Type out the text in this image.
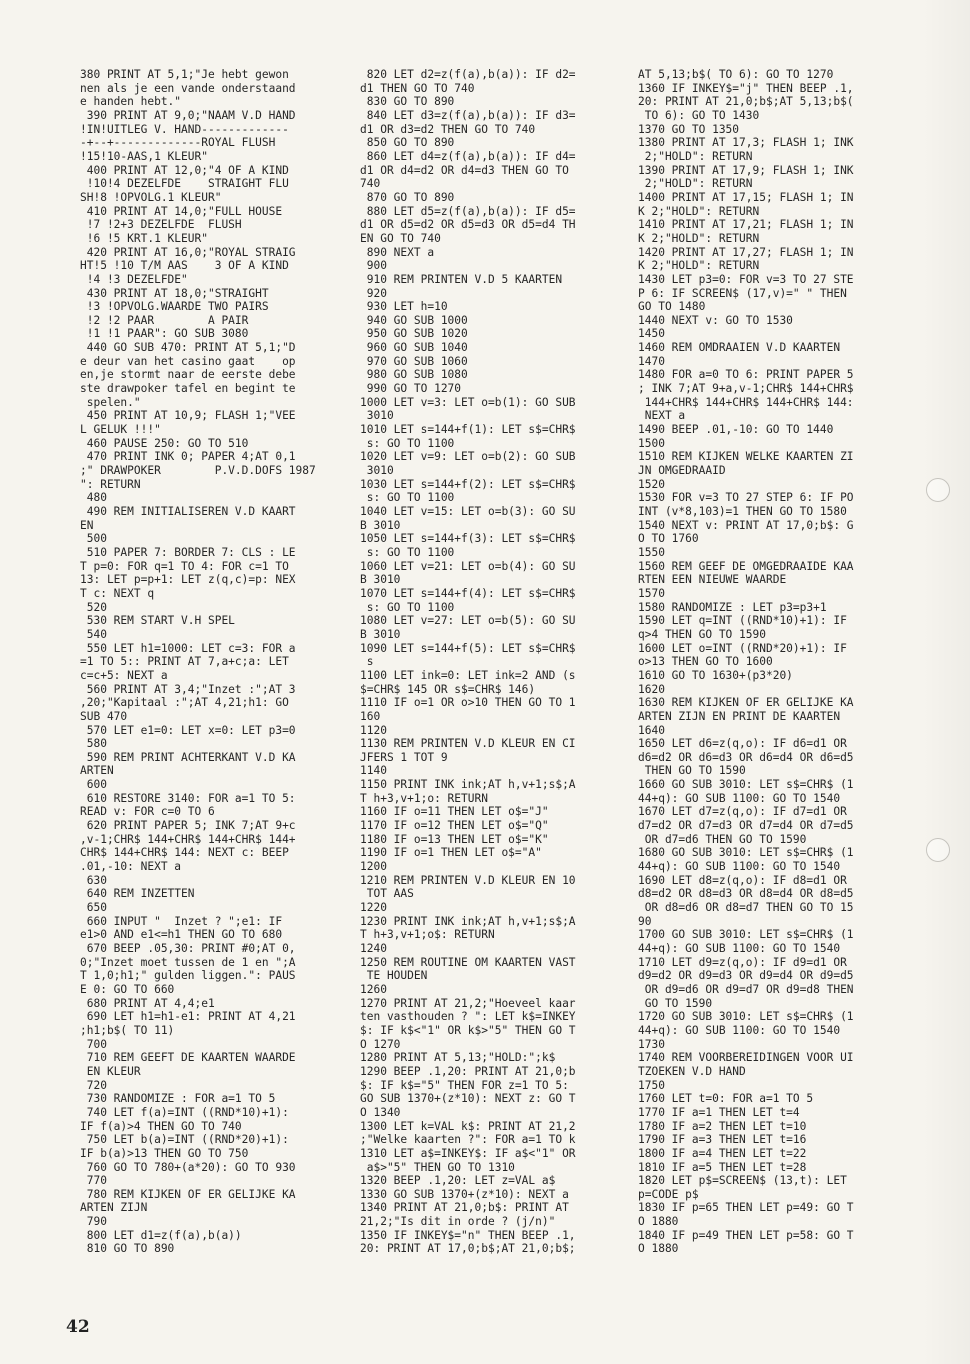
380 PRINT AT 5,1;"Je hebt gewon
nen als je een vande onderstaand
e handen hebt."
390 PRINT AT 9,0;"NAAM V.D HAND
!IN!UITLEG V. HAND-------------
-+--+-------------ROYAL FLUSH
!15!10-AAS,1 KLEUR"
400 PRINT AT 12,0;"4 OF A KIND
!10!4 DEZELFDE    STRAIGHT FLU
SH!8 !OPVOLG.1 KLEUR"
410 PRINT AT 14,0;"FULL HOUSE
!7 !2+3 DEZELFDE  FLUSH
!6 !5 KRT.1 KLEUR"
420 PRINT AT 16,0;"ROYAL STRAIG
HT!5 !10 T/M AAS    3 OF A KIND
!4 !3 DEZELFDE"
430 PRINT AT 18,0;"STRAIGHT
!3 !OPVOLG.WAARDE TWO PAIRS
!2 !2 PAAR        A PAIR
!1 !1 PAAR": GO SUB 3080
440 GO SUB 470: PRINT AT 5,1;"D
e deur van het casino gaat    op
en,je stormt naar de eerste debe
ste drawpoker tafel en begint te
spelen."
450 PRINT AT 10,9; FLASH 1;"VEE
L GELUK !!!"
460 PAUSE 250: GO TO 510
470 PRINT INK 0; PAPER 4;AT 0,1
;" DRAWPOKER        P.V.D.DOFS 1987
": RETURN
480
490 REM INITIALISEREN V.D KAART
EN
500
510 PAPER 7: BORDER 7: CLS : LE
T p=0: FOR q=1 TO 4: FOR c=1 TO
13: LET p=p+1: LET z(q,c)=p: NEX
T c: NEXT q
520
530 REM START V.H SPEL
540
550 LET h1=1000: LET c=3: FOR a
=1 TO 5:: PRINT AT 7,a+c;a: LET
c=c+5: NEXT a
560 PRINT AT 3,4;"Inzet :";AT 3
,20;"Kapitaal :";AT 4,21;h1: GO
SUB 470
570 LET e1=0: LET x=0: LET p3=0
580
590 REM PRINT ACHTERKANT V.D KA
ARTEN
600
610 RESTORE 3140: FOR a=1 TO 5:
READ v: FOR c=0 TO 6
620 PRINT PAPER 5; INK 7;AT 9+c
,v-1;CHR$ 144+CHR$ 144+CHR$ 144+
CHR$ 144+CHR$ 144: NEXT c: BEEP
.01,-10: NEXT a
630
640 REM INZETTEN
650
660 INPUT "  Inzet ? ";e1: IF
e1>0 AND e1<=h1 THEN GO TO 680
670 BEEP .05,30: PRINT #0;AT 0,
0;"Inzet moet tussen de 1 en ";A
T 1,0;h1;" gulden liggen.": PAUS
E 0: GO TO 660
680 PRINT AT 4,4;e1
690 LET h1=h1-e1: PRINT AT 4,21
;h1;b$( TO 11)
700
710 REM GEEFT DE KAARTEN WAARDE
EN KLEUR
720
730 RANDOMIZE : FOR a=1 TO 5
740 LET f(a)=INT ((RND*10)+1):
IF f(a)>4 THEN GO TO 740
750 LET b(a)=INT ((RND*20)+1):
IF b(a)>13 THEN GO TO 750
760 GO TO 780+(a*20): GO TO 930
770
780 REM KIJKEN OF ER GELIJKE KA
ARTEN ZIJN
790
800 LET d1=z(f(a),b(a))
810 GO TO 890
820 LET d2=z(f(a),b(a)): IF d2=
d1 THEN GO TO 740
830 GO TO 890
840 LET d3=z(f(a),b(a)): IF d3=
d1 OR d3=d2 THEN GO TO 740
850 GO TO 890
860 LET d4=z(f(a),b(a)): IF d4=
d1 OR d4=d2 OR d4=d3 THEN GO TO
740
870 GO TO 890
880 LET d5=z(f(a),b(a)): IF d5=
d1 OR d5=d2 OR d5=d3 OR d5=d4 TH
EN GO TO 740
890 NEXT a
900
910 REM PRINTEN V.D 5 KAARTEN
920
930 LET h=10
940 GO SUB 1000
950 GO SUB 1020
960 GO SUB 1040
970 GO SUB 1060
980 GO SUB 1080
990 GO TO 1270
1000 LET v=3: LET o=b(1): GO SUB
3010
1010 LET s=144+f(1): LET s$=CHR$
s: GO TO 1100
1020 LET v=9: LET o=b(2): GO SUB
3010
1030 LET s=144+f(2): LET s$=CHR$
s: GO TO 1100
1040 LET v=15: LET o=b(3): GO SU
B 3010
1050 LET s=144+f(3): LET s$=CHR$
s: GO TO 1100
1060 LET v=21: LET o=b(4): GO SU
B 3010
1070 LET s=144+f(4): LET s$=CHR$
s: GO TO 1100
1080 LET v=27: LET o=b(5): GO SU
B 3010
1090 LET s=144+f(5): LET s$=CHR$
s
1100 LET ink=0: LET ink=2 AND (s
$=CHR$ 145 OR s$=CHR$ 146)
1110 IF o=1 OR o>10 THEN GO TO 1
160
1120
1130 REM PRINTEN V.D KLEUR EN CI
JFERS 1 TOT 9
1140
1150 PRINT INK ink;AT h,v+1;s$;A
T h+3,v+1;o: RETURN
1160 IF o=11 THEN LET o$="J"
1170 IF o=12 THEN LET o$="Q"
1180 IF o=13 THEN LET o$="K"
1190 IF o=1 THEN LET o$="A"
1200
1210 REM PRINTEN V.D KLEUR EN 10
TOT AAS
1220
1230 PRINT INK ink;AT h,v+1;s$;A
T h+3,v+1;o$: RETURN
1240
1250 REM ROUTINE OM KAARTEN VAST
TE HOUDEN
1260
1270 PRINT AT 21,2;"Hoeveel kaar
ten vasthouden ? ": LET k$=INKEY
$: IF k$<"1" OR k$>"5" THEN GO T
O 1270
1280 PRINT AT 5,13;"HOLD:";k$
1290 BEEP .1,20: PRINT AT 21,0;b
$: IF k$="5" THEN FOR z=1 TO 5:
GO SUB 1370+(z*10): NEXT z: GO T
O 1340
1300 LET k=VAL k$: PRINT AT 21,2
;"Welke kaarten ?": FOR a=1 TO k
1310 LET a$=INKEY$: IF a$<"1" OR
a$>"5" THEN GO TO 1310
1320 BEEP .1,20: LET z=VAL a$
1330 GO SUB 1370+(z*10): NEXT a
1340 PRINT AT 21,0;b$: PRINT AT
21,2;"Is dit in orde ? (j/n)"
1350 IF INKEY$="n" THEN BEEP .1,
20: PRINT AT 17,0;b$;AT 21,0;b$;
AT 5,13;b$( TO 6): GO TO 1270
1360 IF INKEY$="j" THEN BEEP .1,
20: PRINT AT 21,0;b$;AT 5,13;b$(
TO 6): GO TO 1430
1370 GO TO 1350
1380 PRINT AT 17,3; FLASH 1; INK
2;"HOLD": RETURN
1390 PRINT AT 17,9; FLASH 1; INK
2;"HOLD": RETURN
1400 PRINT AT 17,15; FLASH 1; IN
K 2;"HOLD": RETURN
1410 PRINT AT 17,21; FLASH 1; IN
K 2;"HOLD": RETURN
1420 PRINT AT 17,27; FLASH 1; IN
K 2;"HOLD": RETURN
1430 LET p3=0: FOR v=3 TO 27 STE
P 6: IF SCREEN$ (17,v)=" " THEN
GO TO 1480
1440 NEXT v: GO TO 1530
1450
1460 REM OMDRAAIEN V.D KAARTEN
1470
1480 FOR a=0 TO 6: PRINT PAPER 5
; INK 7;AT 9+a,v-1;CHR$ 144+CHR$
144+CHR$ 144+CHR$ 144+CHR$ 144:
NEXT a
1490 BEEP .01,-10: GO TO 1440
1500
1510 REM KIJKEN WELKE KAARTEN ZI
JN OMGEDRAAID
1520
1530 FOR v=3 TO 27 STEP 6: IF PO
INT (v*8,103)=1 THEN GO TO 1580
1540 NEXT v: PRINT AT 17,0;b$: G
O TO 1760
1550
1560 REM GEEF DE OMGEDRAAIDE KAA
RTEN EEN NIEUWE WAARDE
1570
1580 RANDOMIZE : LET p3=p3+1
1590 LET q=INT ((RND*10)+1): IF
q>4 THEN GO TO 1590
1600 LET o=INT ((RND*20)+1): IF
o>13 THEN GO TO 1600
1610 GO TO 1630+(p3*20)
1620
1630 REM KIJKEN OF ER GELIJKE KA
ARTEN ZIJN EN PRINT DE KAARTEN
1640
1650 LET d6=z(q,o): IF d6=d1 OR
d6=d2 OR d6=d3 OR d6=d4 OR d6=d5
THEN GO TO 1590
1660 GO SUB 3010: LET s$=CHR$ (1
44+q): GO SUB 1100: GO TO 1540
1670 LET d7=z(q,o): IF d7=d1 OR
d7=d2 OR d7=d3 OR d7=d4 OR d7=d5
OR d7=d6 THEN GO TO 1590
1680 GO SUB 3010: LET s$=CHR$ (1
44+q): GO SUB 1100: GO TO 1540
1690 LET d8=z(q,o): IF d8=d1 OR
d8=d2 OR d8=d3 OR d8=d4 OR d8=d5
OR d8=d6 OR d8=d7 THEN GO TO 15
90
1700 GO SUB 3010: LET s$=CHR$ (1
44+q): GO SUB 1100: GO TO 1540
1710 LET d9=z(q,o): IF d9=d1 OR
d9=d2 OR d9=d3 OR d9=d4 OR d9=d5
OR d9=d6 OR d9=d7 OR d9=d8 THEN
GO TO 1590
1720 GO SUB 3010: LET s$=CHR$ (1
44+q): GO SUB 1100: GO TO 1540
1730
1740 REM VOORBEREIDINGEN VOOR UI
TZOEKEN V.D HAND
1750
1760 LET t=0: FOR a=1 TO 5
1770 IF a=1 THEN LET t=4
1780 IF a=2 THEN LET t=10
1790 IF a=3 THEN LET t=16
1800 IF a=4 THEN LET t=22
1810 IF a=5 THEN LET t=28
1820 LET p$=SCREEN$ (13,t): LET
p=CODE p$
1830 IF p=65 THEN LET p=49: GO T
O 1880
1840 IF p=49 THEN LET p=58: GO T
O 1880
42
